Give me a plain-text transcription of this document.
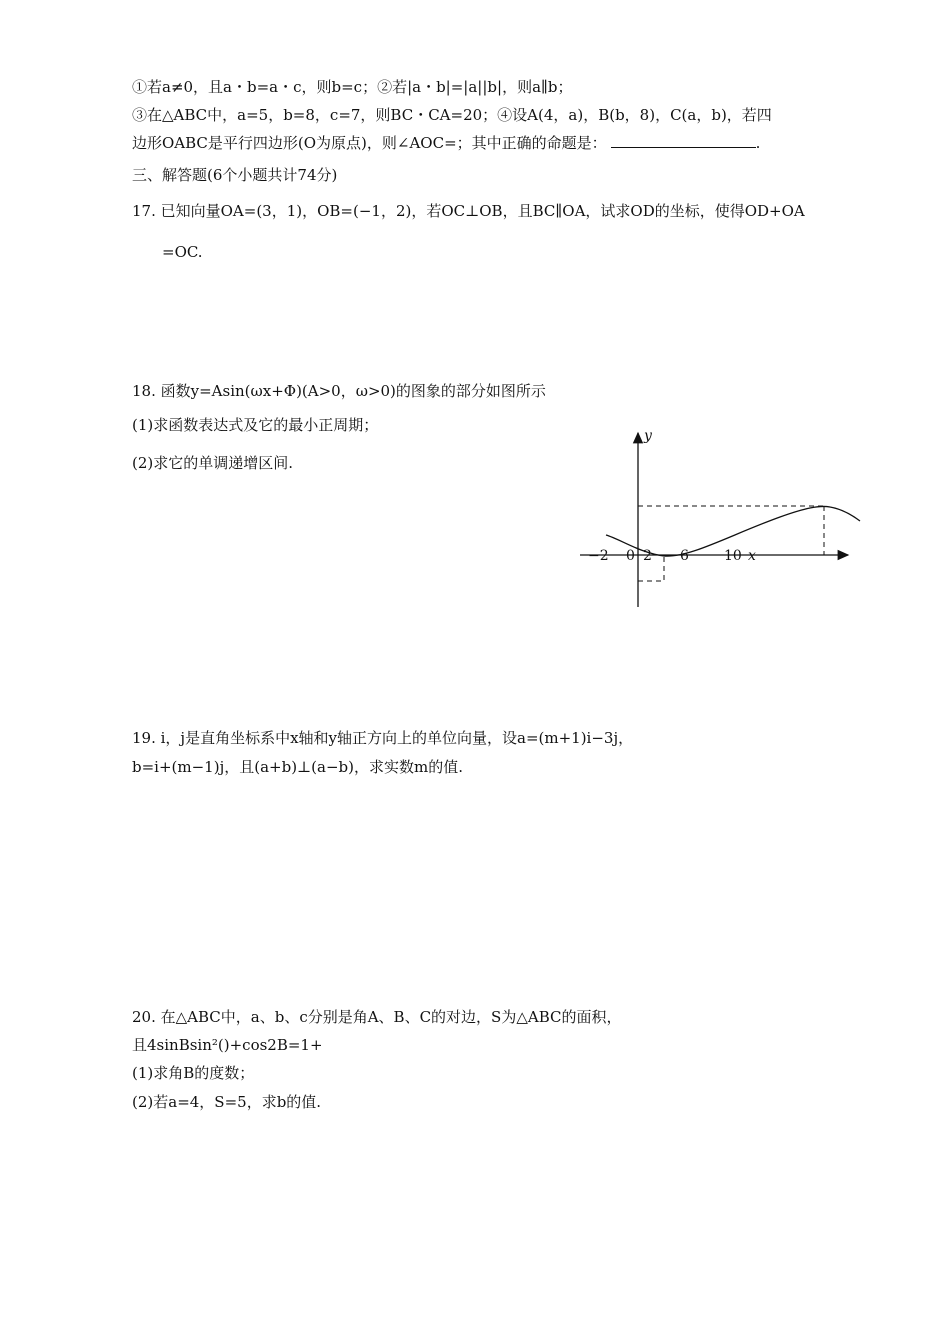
①若a≠0，且a・b=a・c，则b=c；②若|a・b|=|a||b|，则a∥b；
③在△ABC中，a=5，b=8，c=7，则BC・CA=20；④设A(4，a)，B(b，8)，C(a，b)，若四
边形OABC是平行四边形(O为原点)，则∠AOC=；其中正确的命题是：	.
三、解答题(6个小题共计74分)
17. 已知向量OA=(3，1)，OB=(−1，2)，若OC⊥OB，且BC∥OA，试求OD的坐标，使得OD+OA
=OC.
18. 函数y=Asin(ωx+Φ)(A>0，ω>0)的图象的部分如图所示
(1)求函数表达式及它的最小正周期；
(2)求它的单调递增区间.
y
x
−2 0 2 6	10
19. i，j是直角坐标系中x轴和y轴正方向上的单位向量，设a=(m+1)i−3j，
b=i+(m−1)j，且(a+b)⊥(a−b)，求实数m的值.
20. 在△ABC中，a、b、c分别是角A、B、C的对边，S为△ABC的面积，
且4sinBsin²()+cos2B=1+
(1)求角B的度数；
(2)若a=4，S=5，求b的值.
